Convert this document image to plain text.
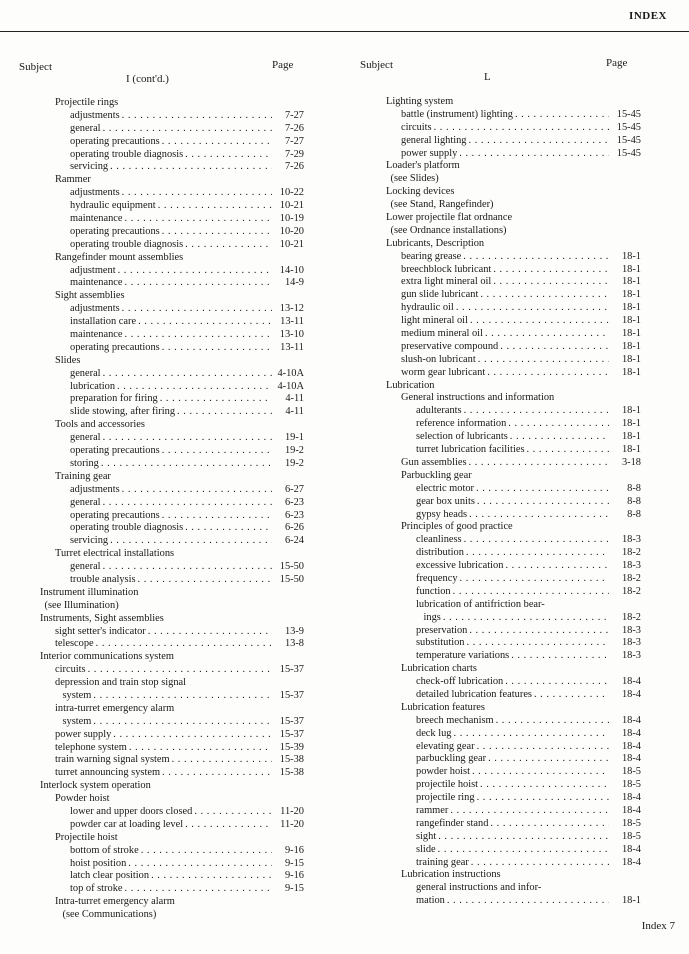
INDEX
Subject	Page
I (cont'd.)
Subject	Page
L
Projectile rings
adjustments . . .	7-27
general . . .	7-26
operating precautions . . .	7-27
operating trouble diagnosis . . .	7-29
servicing . . .	7-26
Rammer
adjustments . . .	10-22
hydraulic equipment . . .	10-21
maintenance . . .	10-19
operating precautions . . .	10-20
operating trouble diagnosis . . .	10-21
Rangefinder mount assemblies
adjustment . . .	14-10
maintenance . . .	14-9
Sight assemblies
adjustments . . .	13-12
installation care . . .	13-11
maintenance . . .	13-10
operating precautions . . .	13-11
Slides
general . . .	4-10A
lubrication . . .	4-10A
preparation for firing . . .	4-11
slide stowing, after firing . . .	4-11
Tools and accessories
general . . .	19-1
operating precautions . . .	19-2
storing . . .	19-2
Training gear
adjustments . . .	6-27
general . . .	6-23
operating precautions . . .	6-23
operating trouble diagnosis . . .	6-26
servicing . . .	6-24
Turret electrical installations
general . . .	15-50
trouble analysis . . .	15-50
Instrument illumination
(see Illumination)
Instruments, Sight assemblies
sight setter's indicator . . .	13-9
telescope . . .	13-8
Interior communications system
circuits . . .	15-37
depression and train stop signal
system . . .	15-37
intra-turret emergency alarm
system . . .	15-37
power supply . . .	15-37
telephone system . . .	15-39
train warning signal system . . .	15-38
turret announcing system . . .	15-38
Interlock system operation
Powder hoist
lower and upper doors closed . . .	11-20
powder car at loading level . . .	11-20
Projectile hoist
bottom of stroke . . .	9-16
hoist position . . .	9-15
latch clear position . . .	9-16
top of stroke . . .	9-15
Intra-turret emergency alarm
(see Communications)
Lighting system
battle (instrument) lighting . . .	15-45
circuits . . .	15-45
general lighting . . .	15-45
power supply . . .	15-45
Loader's platform
(see Slides)
Locking devices
(see Stand, Rangefinder)
Lower projectile flat ordnance
(see Ordnance installations)
Lubricants, Description
bearing grease . . .	18-1
breechblock lubricant . . .	18-1
extra light mineral oil . . .	18-1
gun slide lubricant . . .	18-1
hydraulic oil . . .	18-1
light mineral oil . . .	18-1
medium mineral oil . . .	18-1
preservative compound . . .	18-1
slush-on lubricant . . .	18-1
worm gear lubricant . . .	18-1
Lubrication
General instructions and information
adulterants . . .	18-1
reference information . . .	18-1
selection of lubricants . . .	18-1
turret lubrication facilities . . .	18-1
Gun assemblies . . .	3-18
Parbuckling gear
electric motor . . .	8-8
gear box units . . .	8-8
gypsy heads . . .	8-8
Principles of good practice
cleanliness . . .	18-3
distribution . . .	18-2
excessive lubrication . . .	18-3
frequency . . .	18-2
function . . .	18-2
lubrication of antifriction bear-
ings . . .	18-2
preservation . . .	18-3
substitution . . .	18-3
temperature variations . . .	18-3
Lubrication charts
check-off lubrication . . .	18-4
detailed lubrication features . . .	18-4
Lubrication features
breech mechanism . . .	18-4
deck lug . . .	18-4
elevating gear . . .	18-4
parbuckling gear . . .	18-4
powder hoist . . .	18-5
projectile hoist . . .	18-5
projectile ring . . .	18-4
rammer . . .	18-4
rangefinder stand . . .	18-5
sight . . .	18-5
slide . . .	18-4
training gear . . .	18-4
Lubrication instructions
general instructions and infor-
mation . . .	18-1
Index 7
